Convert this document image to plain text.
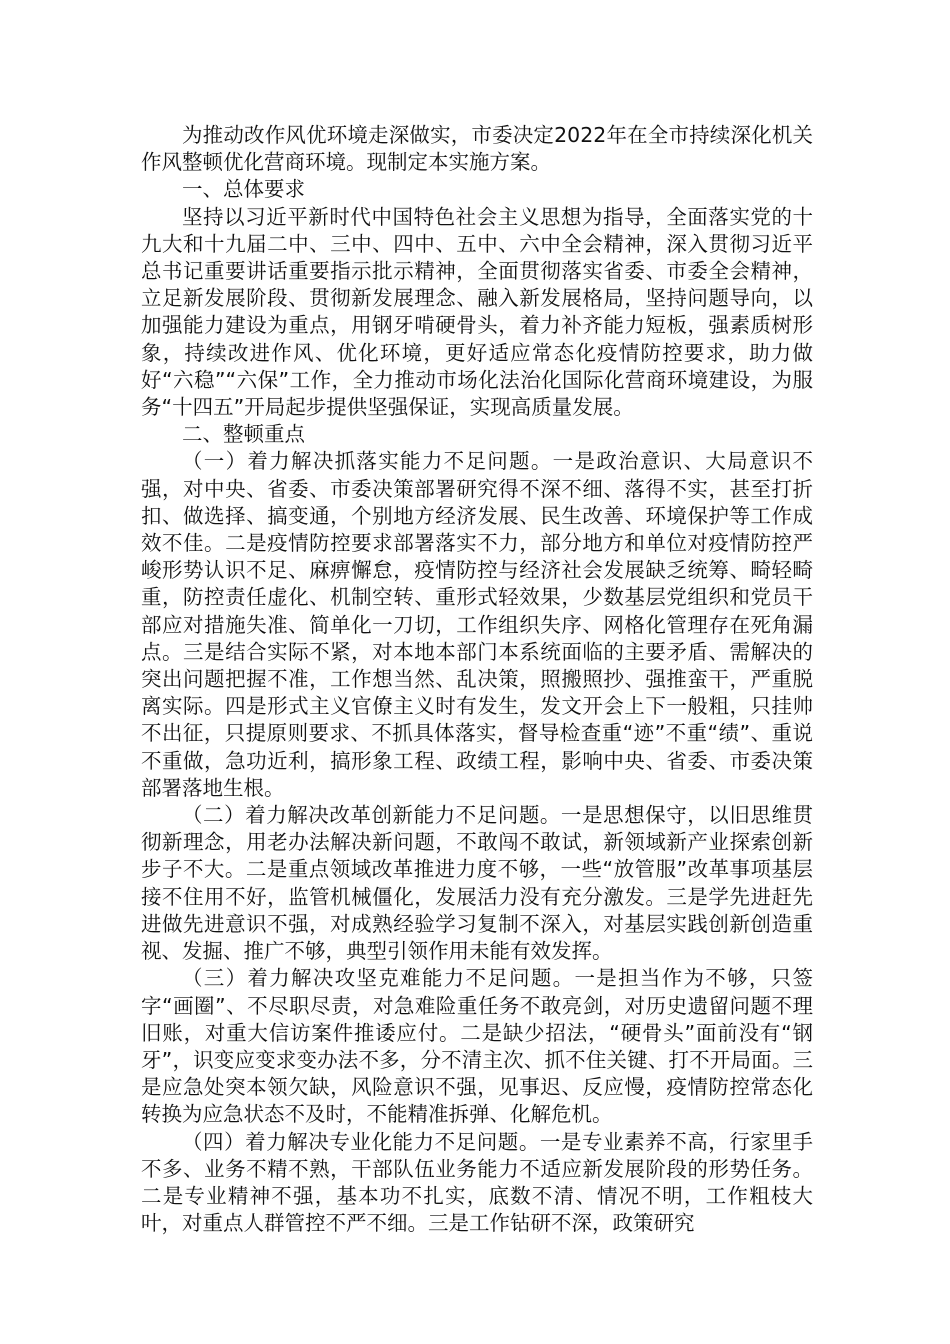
为推动改作风优环境走深做实，市委决定2022年在全市持续深化机关作风整顿优化营商环境。现制定本实施方案。

一、总体要求

坚持以习近平新时代中国特色社会主义思想为指导，全面落实党的十九大和十九届二中、三中、四中、五中、六中全会精神，深入贯彻习近平总书记重要讲话重要指示批示精神，全面贯彻落实省委、市委全会精神，立足新发展阶段、贯彻新发展理念、融入新发展格局，坚持问题导向，以加强能力建设为重点，用钢牙啃硬骨头，着力补齐能力短板，强素质树形象，持续改进作风、优化环境，更好适应常态化疫情防控要求，助力做好“六稳”“六保”工作，全力推动市场化法治化国际化营商环境建设，为服务“十四五”开局起步提供坚强保证，实现高质量发展。

二、整顿重点

（一）着力解决抓落实能力不足问题。一是政治意识、大局意识不强，对中央、省委、市委决策部署研究得不深不细、落得不实，甚至打折扣、做选择、搞变通，个别地方经济发展、民生改善、环境保护等工作成效不佳。二是疫情防控要求部署落实不力，部分地方和单位对疫情防控严峻形势认识不足、麻痹懈怠，疫情防控与经济社会发展缺乏统筹、畸轻畸重，防控责任虚化、机制空转、重形式轻效果，少数基层党组织和党员干部应对措施失准、简单化一刀切，工作组织失序、网格化管理存在死角漏点。三是结合实际不紧，对本地本部门本系统面临的主要矛盾、需解决的突出问题把握不准，工作想当然、乱决策，照搬照抄、强推蛮干，严重脱离实际。四是形式主义官僚主义时有发生，发文开会上下一般粗，只挂帅不出征，只提原则要求、不抓具体落实，督导检查重“迹”不重“绩”、重说不重做，急功近利，搞形象工程、政绩工程，影响中央、省委、市委决策部署落地生根。

（二）着力解决改革创新能力不足问题。一是思想保守，以旧思维贯彻新理念，用老办法解决新问题，不敢闯不敢试，新领域新产业探索创新步子不大。二是重点领域改革推进力度不够，一些“放管服”改革事项基层接不住用不好，监管机械僵化，发展活力没有充分激发。三是学先进赶先进做先进意识不强，对成熟经验学习复制不深入，对基层实践创新创造重视、发掘、推广不够，典型引领作用未能有效发挥。

（三）着力解决攻坚克难能力不足问题。一是担当作为不够，只签字“画圈”、不尽职尽责，对急难险重任务不敢亮剑，对历史遗留问题不理旧账，对重大信访案件推诿应付。二是缺少招法，“硬骨头”面前没有“钢牙”，识变应变求变办法不多，分不清主次、抓不住关键、打不开局面。三是应急处突本领欠缺，风险意识不强，见事迟、反应慢，疫情防控常态化转换为应急状态不及时，不能精准拆弹、化解危机。

（四）着力解决专业化能力不足问题。一是专业素养不高，行家里手不多、业务不精不熟，干部队伍业务能力不适应新发展阶段的形势任务。二是专业精神不强，基本功不扎实，底数不清、情况不明，工作粗枝大叶，对重点人群管控不严不细。三是工作钻研不深，政策研究
